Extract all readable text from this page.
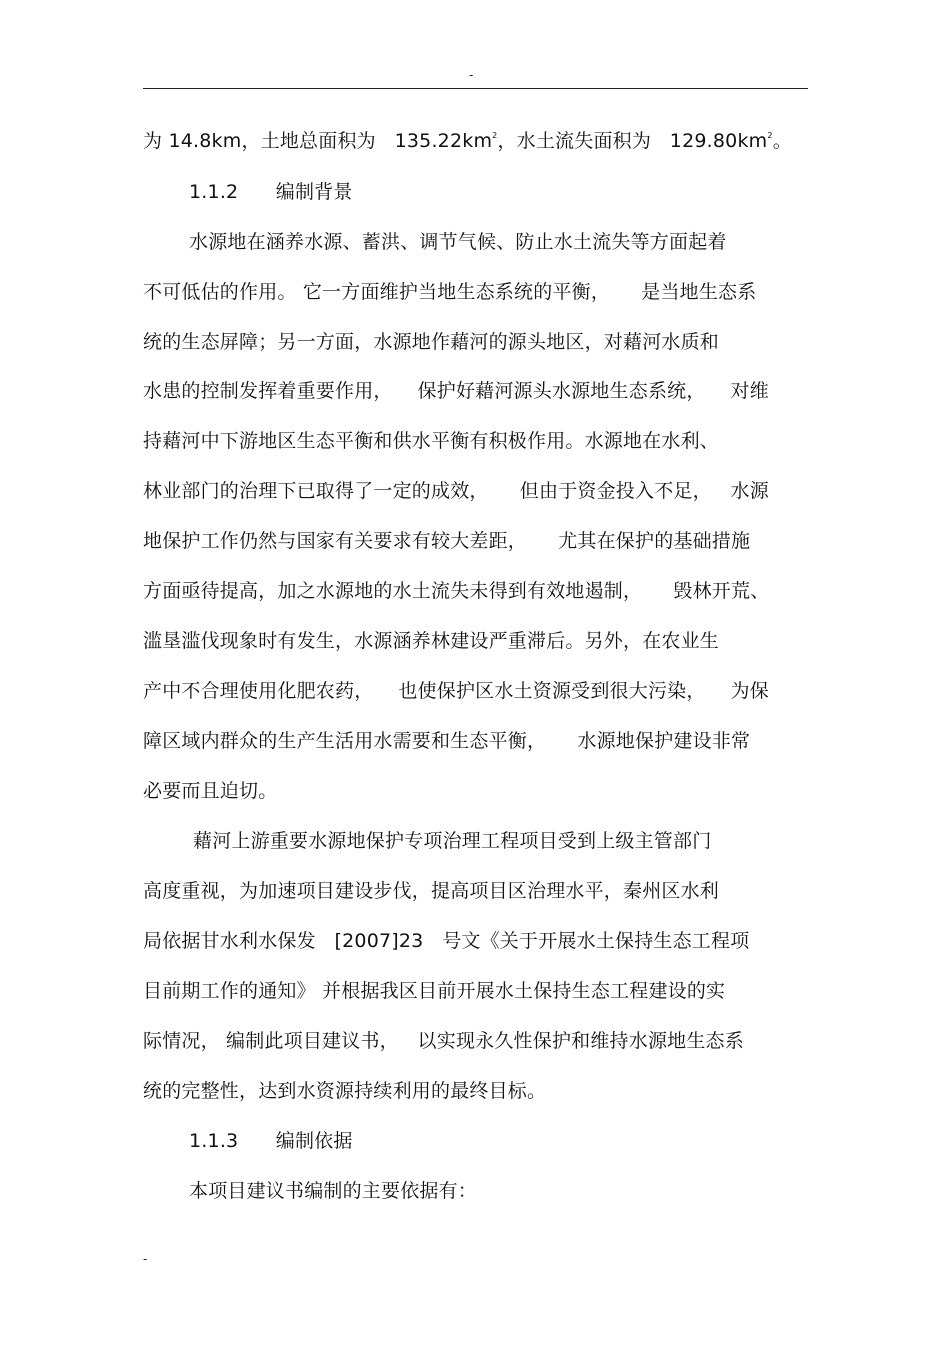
-
为 14.8km，土地总面积为   $135.22km^2$，水土流失面积为   $129.80km^2$。
1.1.2      编制背景
水源地在涵养水源、蓄洪、调节气候、防止水土流失等方面起着
不可低估的作用。 它一方面维护当地生态系统的平衡，     是当地生态系
统的生态屏障；另一方面，水源地作藉河的源头地区，对藉河水质和
水患的控制发挥着重要作用，    保护好藉河源头水源地生态系统，    对维
持藉河中下游地区生态平衡和供水平衡有积极作用。水源地在水利、
林业部门的治理下已取得了一定的成效，     但由于资金投入不足，   水源
地保护工作仍然与国家有关要求有较大差距，     尤其在保护的基础措施
方面亟待提高，加之水源地的水土流失未得到有效地遏制，     毁林开荒、
滥垦滥伐现象时有发生，水源涵养林建设严重滞后。另外，在农业生
产中不合理使用化肥农药，    也使保护区水土资源受到很大污染，    为保
障区域内群众的生产生活用水需要和生态平衡，     水源地保护建设非常
必要而且迫切。
藉河上游重要水源地保护专项治理工程项目受到上级主管部门
高度重视，为加速项目建设步伐，提高项目区治理水平，秦州区水利
局依据甘水利水保发   [2007]23   号文《关于开展水土保持生态工程项
目前期工作的通知》 并根据我区目前开展水土保持生态工程建设的实
际情况， 编制此项目建议书，   以实现永久性保护和维持水源地生态系
统的完整性，达到水资源持续利用的最终目标。
1.1.3      编制依据
本项目建议书编制的主要依据有：
-
